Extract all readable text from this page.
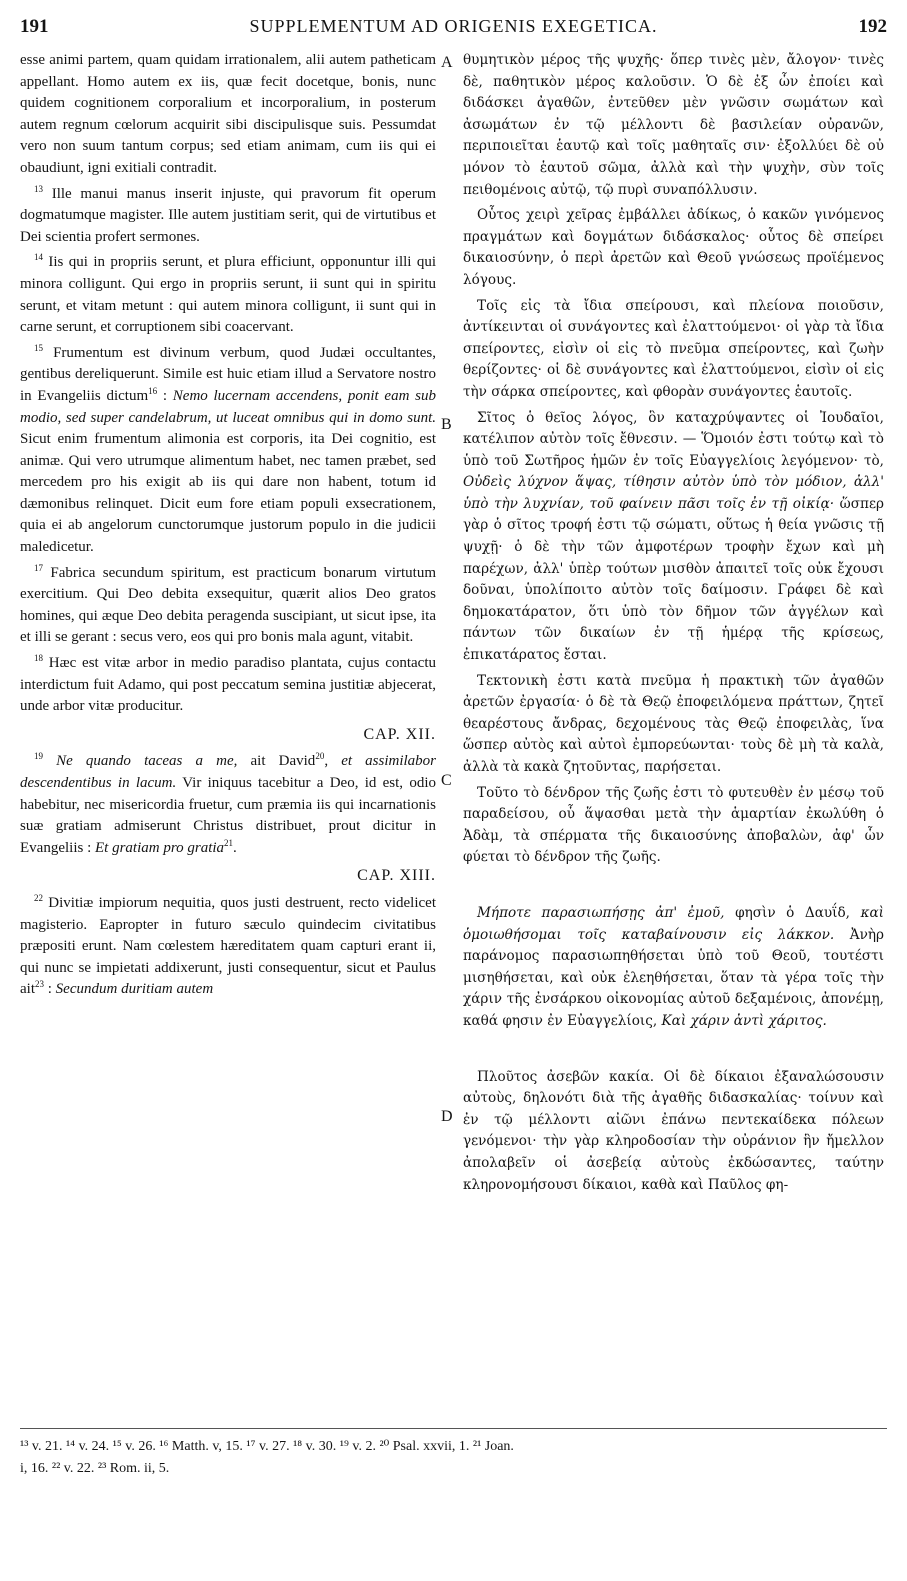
191	SUPPLEMENTUM AD ORIGENIS EXEGETICA.	192
A
B
C
D

esse animi partem, quam quidam irrationalem, alii autem patheticam appellant. Homo autem ex iis, quæ fecit docetque, bonis, nunc quidem cognitionem corporalium et incorporalium, in posterum autem regnum cœlorum acquirit sibi discipulisque suis. Pessumdat vero non suum tantum corpus; sed etiam animam, cum iis qui ei obaudiunt, igni exitiali contradit.

$^{13}$ Ille manui manus inserit injuste, qui pravorum fit operum dogmatumque magister. Ille autem justitiam serit, qui de virtutibus et Dei scientia profert sermones.

$^{14}$ Iis qui in propriis serunt, et plura efficiunt, opponuntur illi qui minora colligunt. Qui ergo in propriis serunt, ii sunt qui in spiritu serunt, et vitam metunt : qui autem minora colligunt, ii sunt qui in carne serunt, et corruptionem sibi coacervant.

$^{15}$ Frumentum est divinum verbum, quod Judæi occultantes, gentibus dereliquerunt. Simile est huic etiam illud a Servatore nostro in Evangeliis dictum$^{16}$ : Nemo lucernam accendens, ponit eam sub modio, sed super candelabrum, ut luceat omnibus qui in domo sunt. Sicut enim frumentum alimonia est corporis, ita Dei cognitio, est animæ. Qui vero utrumque alimentum habet, nec tamen præbet, sed mercedem pro his exigit ab iis qui dare non habent, totum id dæmonibus relinquet. Dicit eum fore etiam populi exsecrationem, quia ei ab angelorum cunctorumque justorum populo in die judicii maledicetur.

$^{17}$ Fabrica secundum spiritum, est practicum bonarum virtutum exercitium. Qui Deo debita exsequitur, quærit alios Deo gratos homines, qui æque Deo debita peragenda suscipiant, ut sicut ipse, ita et illi se gerant : secus vero, eos qui pro bonis mala agunt, vitabit.

$^{18}$ Hæc est vitæ arbor in medio paradiso plantata, cujus contactu interdictum fuit Adamo, qui post peccatum semina justitiæ abjecerat, unde arbor vitæ producitur.

CAP. XII.

$^{19}$ Ne quando taceas a me, ait David$^{20}$, et assimilabor descendentibus in lacum. Vir iniquus tacebitur a Deo, id est, odio habebitur, nec misericordia fruetur, cum præmia iis qui incarnationis suæ gratiam admiserunt Christus distribuet, prout dicitur in Evangeliis : Et gratiam pro gratia$^{21}$.

CAP. XIII.

$^{22}$ Divitiæ impiorum nequitia, quos justi destruent, recto videlicet magisterio. Eapropter in futuro sæculo quindecim civitatibus præpositi erunt. Nam cœlestem hæreditatem quam capturi erant ii, qui nunc se impietati addixerunt, justi consequentur, sicut et Paulus ait$^{23}$ : Secundum duritiam autem

θυμητικὸν μέρος τῆς ψυχῆς· ὅπερ τινὲς μὲν, ἄλογον· τινὲς δὲ, παθητικὸν μέρος καλοῦσιν. Ὁ δὲ ἐξ ὧν ἐποίει καὶ διδάσκει ἀγαθῶν, ἐντεῦθεν μὲν γνῶσιν σωμάτων καὶ ἀσωμάτων ἐν τῷ μέλλοντι δὲ βασιλείαν οὐρανῶν, περιποιεῖται ἑαυτῷ καὶ τοῖς μαθηταῖς σιν· ἐξολλύει δὲ οὐ μόνον τὸ ἑαυτοῦ σῶμα, ἀλλὰ καὶ τὴν ψυχὴν, σὺν τοῖς πειθομένοις αὐτῷ, τῷ πυρὶ συναπόλλυσιν.

Οὗτος χειρὶ χεῖρας ἐμβάλλει ἀδίκως, ὁ κακῶν γινόμενος πραγμάτων καὶ δογμάτων διδάσκαλος· οὗτος δὲ σπείρει δικαιοσύνην, ὁ περὶ ἀρετῶν καὶ Θεοῦ γνώσεως προϊέμενος λόγους.

Τοῖς εἰς τὰ ἴδια σπείρουσι, καὶ πλείονα ποιοῦσιν, ἀντίκεινται οἱ συνάγοντες καὶ ἐλαττούμενοι· οἱ γὰρ τὰ ἴδια σπείροντες, εἰσὶν οἱ εἰς τὸ πνεῦμα σπείροντες, καὶ ζωὴν θερίζοντες· οἱ δὲ συνάγοντες καὶ ἐλαττούμενοι, εἰσὶν οἱ εἰς τὴν σάρκα σπείροντες, καὶ φθορὰν συνάγοντες ἑαυτοῖς.

Σῖτος ὁ θεῖος λόγος, ὃν καταχρύψαντες οἱ Ἰουδαῖοι, κατέλιπον αὐτὸν τοῖς ἔθνεσιν. — Ὅμοιόν ἐστι τούτῳ καὶ τὸ ὑπὸ τοῦ Σωτῆρος ἡμῶν ἐν τοῖς Εὐαγγελίοις λεγόμενον· τὸ, Οὐδεὶς λύχνον ἅψας, τίθησιν αὐτὸν ὑπὸ τὸν μόδιον, ἀλλ' ὑπὸ τὴν λυχνίαν, τοῦ φαίνειν πᾶσι τοῖς ἐν τῇ οἰκίᾳ· ὥσπερ γὰρ ὁ σῖτος τροφή ἐστι τῷ σώματι, οὕτως ἡ θεία γνῶσις τῇ ψυχῇ· ὁ δὲ τὴν τῶν ἀμφοτέρων τροφὴν ἔχων καὶ μὴ παρέχων, ἀλλ' ὑπὲρ τούτων μισθὸν ἀπαιτεῖ τοῖς οὐκ ἔχουσι δοῦναι, ὑπολίποιτο αὐτὸν τοῖς δαίμοσιν. Γράφει δὲ καὶ δημοκατάρατον, ὅτι ὑπὸ τὸν δῆμον τῶν ἀγγέλων καὶ πάντων τῶν δικαίων ἐν τῇ ἡμέρᾳ τῆς κρίσεως, ἐπικατάρατος ἔσται.

Τεκτονικὴ ἐστι κατὰ πνεῦμα ἡ πρακτικὴ τῶν ἀγαθῶν ἀρετῶν ἐργασία· ὁ δὲ τὰ Θεῷ ἐποφειλόμενα πράττων, ζητεῖ θεαρέστους ἄνδρας, δεχομένους τὰς Θεῷ ἐποφειλὰς, ἵνα ὥσπερ αὐτὸς καὶ αὐτοὶ ἐμπορεύωνται· τοὺς δὲ μὴ τὰ καλὰ, ἀλλὰ τὰ κακὰ ζητοῦντας, παρήσεται.

Τοῦτο τὸ δένδρον τῆς ζωῆς ἐστι τὸ φυτευθὲν ἐν μέσῳ τοῦ παραδείσου, οὗ ἅψασθαι μετὰ τὴν ἁμαρτίαν ἐκωλύθη ὁ Ἀδὰμ, τὰ σπέρματα τῆς δικαιοσύνης ἀποβαλὼν, ἀφ' ὧν φύεται τὸ δένδρον τῆς ζωῆς.

Μήποτε παρασιωπήσῃς ἀπ' ἐμοῦ, φησὶν ὁ Δαυΐδ, καὶ ὁμοιωθήσομαι τοῖς καταβαίνουσιν εἰς λάκκον. Ἀνὴρ παράνομος παρασιωπηθήσεται ὑπὸ τοῦ Θεοῦ, τουτέστι μισηθήσεται, καὶ οὐκ ἐλεηθήσεται, ὅταν τὰ γέρα τοῖς τὴν χάριν τῆς ἐνσάρκου οἰκονομίας αὐτοῦ δεξαμένοις, ἀπονέμῃ, καθά φησιν ἐν Εὐαγγελίοις, Καὶ χάριν ἀντὶ χάριτος.

Πλοῦτος ἀσεβῶν κακία. Οἱ δὲ δίκαιοι ἐξαναλώσουσιν αὐτοὺς, δηλονότι διὰ τῆς ἀγαθῆς διδασκαλίας· τοίνυν καὶ ἐν τῷ μέλλοντι αἰῶνι ἐπάνω πεντεκαίδεκα πόλεων γενόμενοι· τὴν γὰρ κληροδοσίαν τὴν οὐράνιον ἣν ἤμελλον ἀπολαβεῖν οἱ ἀσεβείᾳ αὐτοὺς ἐκδώσαντες, ταύτην κληρονομήσουσι δίκαιοι, καθὰ καὶ Παῦλος φη-

¹³ v. 21. ¹⁴ v. 24. ¹⁵ v. 26. ¹⁶ Matth. v, 15. ¹⁷ v. 27. ¹⁸ v. 30. ¹⁹ v. 2. ²⁰ Psal. xxvii, 1. ²¹ Joan.
i, 16. ²² v. 22. ²³ Rom. ii, 5.
